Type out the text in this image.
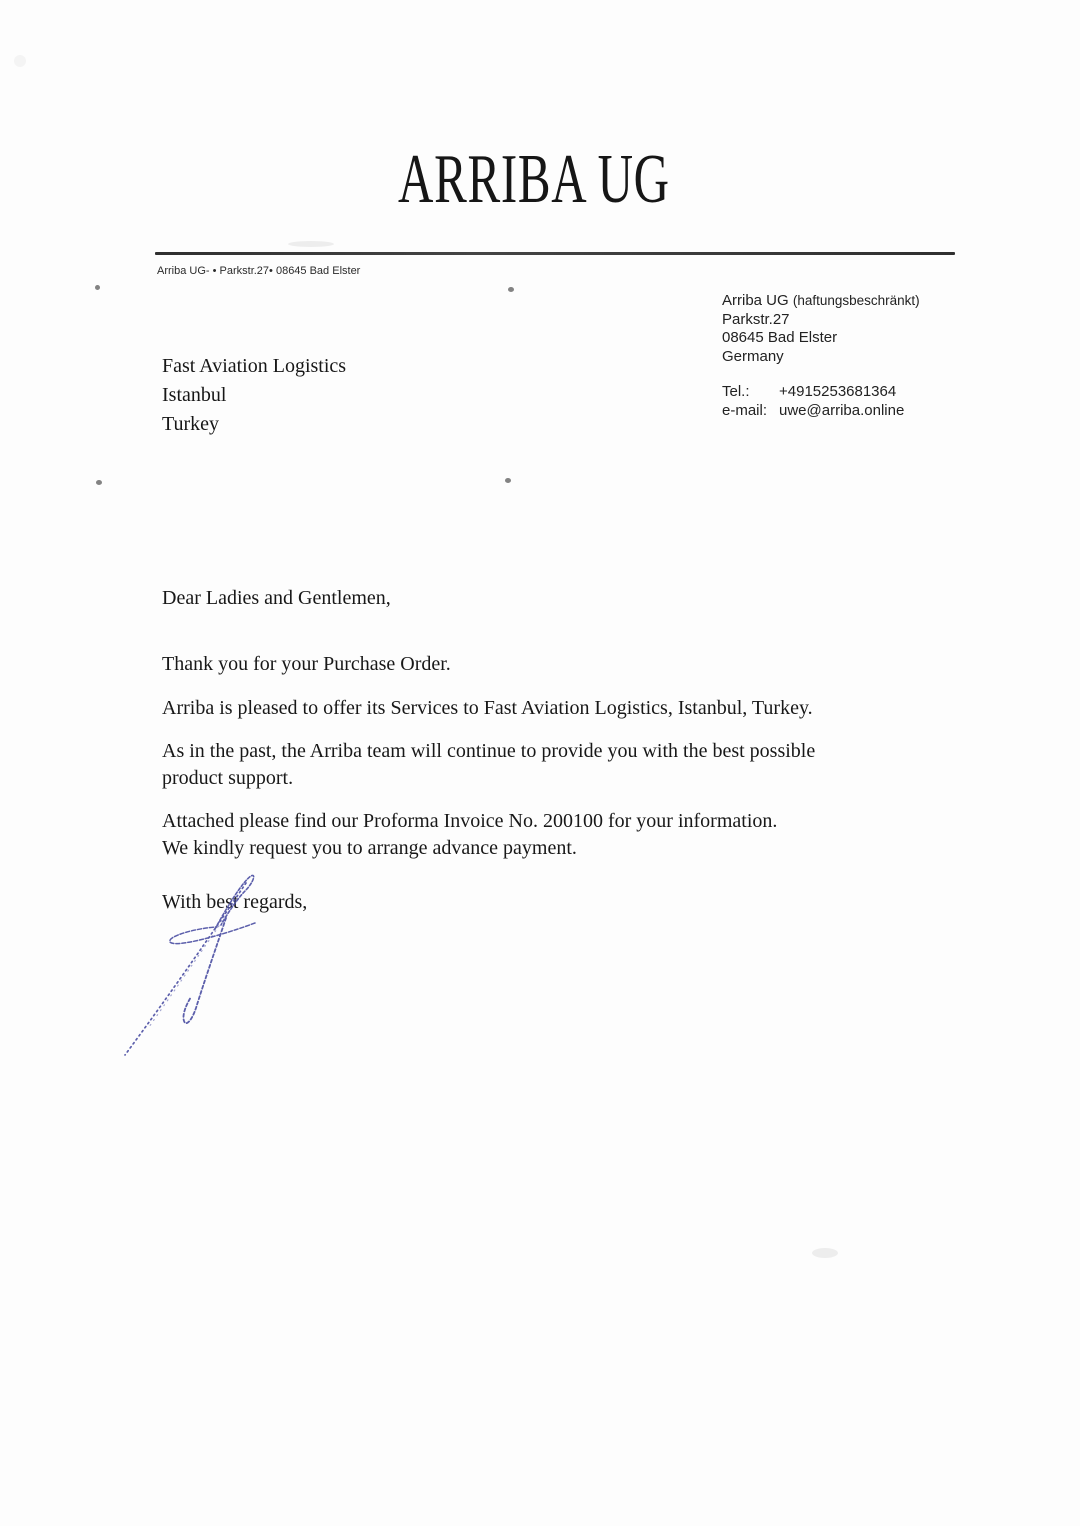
ARRIBA UG
Arriba UG- • Parkstr.27• 08645 Bad Elster
Fast Aviation Logistics
Istanbul
Turkey
Arriba UG (haftungsbeschränkt)
Parkstr.27
08645 Bad Elster
Germany
Tel.:	+4915253681364
e-mail: uwe@arriba.online
Dear Ladies and Gentlemen,
Thank you for your Purchase Order.
Arriba is pleased to offer its Services to Fast Aviation Logistics, Istanbul, Turkey.
As in the past, the Arriba team will continue to provide you with the best possible
product support.
Attached please find our Proforma Invoice No. 200100 for your information.
We kindly request you to arrange advance payment.
With best regards,
